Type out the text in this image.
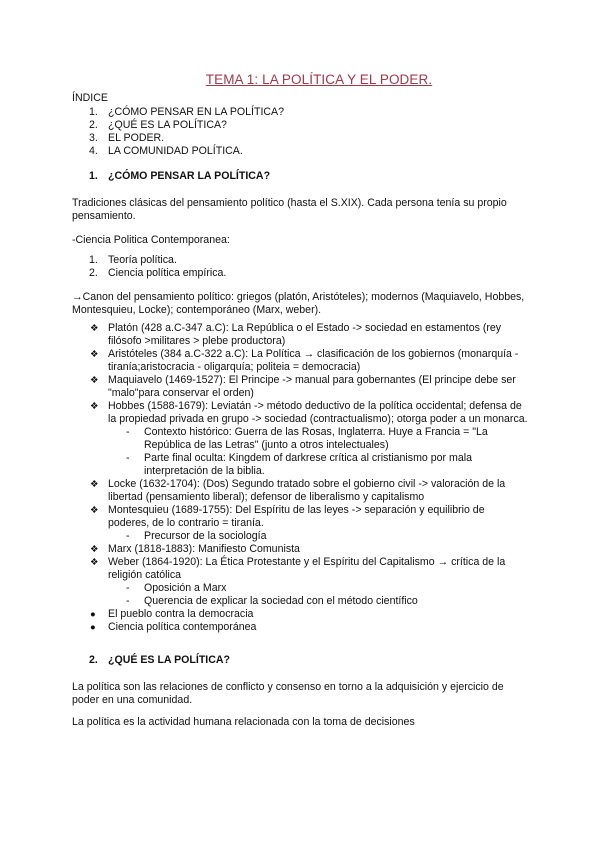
TEMA 1: LA POLÍTICA Y EL PODER.

ÍNDICE

1. ¿CÓMO PENSAR EN LA POLÍTICA?
2. ¿QUÉ ES LA POLÍTICA?
3. EL PODER.
4. LA COMUNIDAD POLÍTICA.
1. ¿CÓMO PENSAR LA POLÍTICA?

Tradiciones clásicas del pensamiento político (hasta el S.XIX). Cada persona tenía su propio pensamiento.

-Ciencia Politica Contemporanea:

1. Teoría política.
2. Ciencia política empírica.

→Canon del pensamiento político: griegos (platón, Aristóteles); modernos (Maquiavelo, Hobbes, Montesquieu, Locke); contemporáneo (Marx, weber).

❖ Platón (428 a.C-347 a.C): La República o el Estado -> sociedad en estamentos (rey filósofo >militares > plebe productora)
❖ Aristóteles (384 a.C-322 a.C): La Política → clasificación de los gobiernos (monarquía - tiranía;aristocracia - oligarquía; politeia = democracia)
❖ Maquiavelo (1469-1527): El Principe -> manual para gobernantes (El principe debe ser "malo"para conservar el orden)
❖ Hobbes (1588-1679): Leviatán -> método deductivo de la política occidental; defensa de la propiedad privada en grupo -> sociedad (contractualismo); otorga poder a un monarca.
- Contexto histórico: Guerra de las Rosas, Inglaterra. Huye a Francia = "La República de las Letras" (junto a otros intelectuales)
- Parte final oculta: Kingdem of darkrese crítica al cristianismo por mala interpretación de la biblia.
❖ Locke (1632-1704): (Dos) Segundo tratado sobre el gobierno civil -> valoración de la libertad (pensamiento liberal); defensor de liberalismo y capitalismo
❖ Montesquieu (1689-1755): Del Espíritu de las leyes -> separación y equilibrio de poderes, de lo contrario = tiranía.
- Precursor de la sociología
❖ Marx (1818-1883): Manifiesto Comunista
❖ Weber (1864-1920): La Ética Protestante y el Espíritu del Capitalismo → crítica de la religión católica
- Oposición a Marx
- Querencia de explicar la sociedad con el método científico
● El pueblo contra la democracia
● Ciencia política contemporánea
2. ¿QUÉ ES LA POLÍTICA?

La política son las relaciones de conflicto y consenso en torno a la adquisición y ejercicio de poder en una comunidad.

La política es la actividad humana relacionada con la toma de decisiones
